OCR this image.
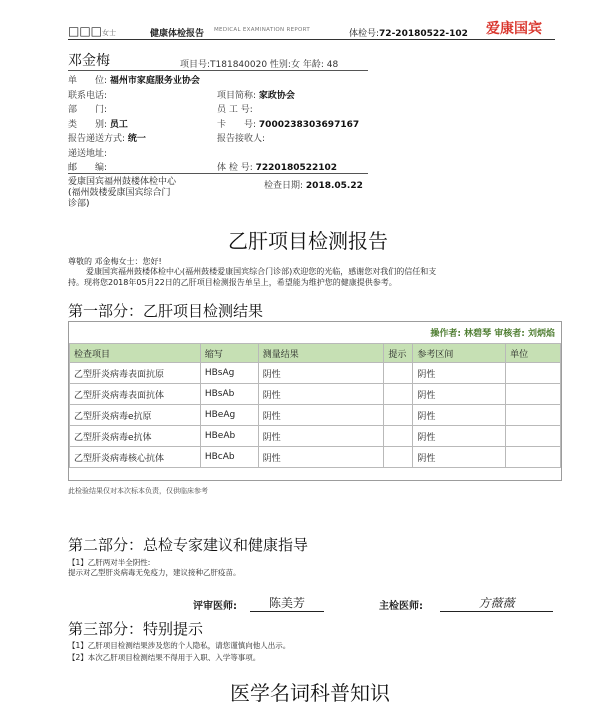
□□□女士	健康体检报告 MEDICAL EXAMINATION REPORT	体检号:72-20180522-102 爱康国宾
邓金梅	项目号:T181840020 性别:女 年龄: 48
单　　位: 福州市家庭服务业协会
联系电话:	项目简称: 家政协会
部　　门:	员 工 号:
类　　别: 员工	卡　　号: 7000238303697167
报告递送方式: 统一	报告接收人:
递送地址:
邮　　编:	体 检 号: 7220180522102
爱康国宾福州鼓楼体检中心
(福州鼓楼爱康国宾综合门
诊部)
检查日期: 2018.05.22
乙肝项目检测报告
尊敬的 邓金梅女士：您好!
爱康国宾福州鼓楼体检中心(福州鼓楼爱康国宾综合门诊部)欢迎您的光临，感谢您对我们的信任和支
持。现将您2018年05月22日的乙肝项目检测报告单呈上，希望能为维护您的健康提供参考。
第一部分：乙肝项目检测结果
操作者: 林碧琴 审核者: 刘炳焰
检查项目	缩写	测量结果	提示	参考区间	单位
乙型肝炎病毒表面抗原	HBsAg	阴性		阴性	
乙型肝炎病毒表面抗体	HBsAb	阴性		阴性	
乙型肝炎病毒e抗原	HBeAg	阴性		阴性	
乙型肝炎病毒e抗体	HBeAb	阴性		阴性	
乙型肝炎病毒核心抗体	HBcAb	阴性		阴性	
此检验结果仅对本次标本负责，仅供临床参考
第二部分：总检专家建议和健康指导
【1】乙肝两对半全阴性:
提示对乙型肝炎病毒无免疫力，建议接种乙肝疫苗。
评审医师:	陈美芳	主检医师:	方薇薇
第三部分：特别提示
【1】乙肝项目检测结果涉及您的个人隐私，请您谨慎向他人出示。
【2】本次乙肝项目检测结果不得用于入职、入学等事项。
医学名词科普知识
